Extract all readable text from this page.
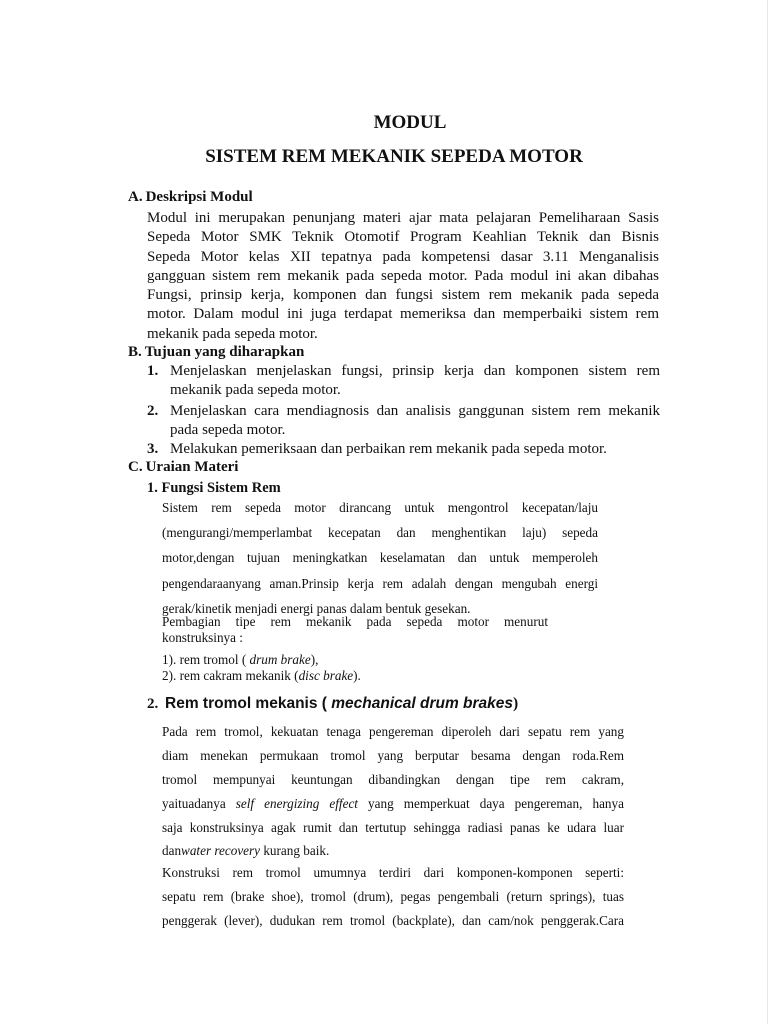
MODUL
SISTEM REM MEKANIK SEPEDA MOTOR
A. Deskripsi Modul
Modul ini merupakan penunjang materi ajar mata pelajaran Pemeliharaan Sasis
Sepeda Motor SMK Teknik Otomotif Program Keahlian Teknik dan Bisnis
Sepeda Motor kelas XII tepatnya pada kompetensi dasar 3.11 Menganalisis
gangguan sistem rem mekanik pada sepeda motor. Pada modul ini akan dibahas
Fungsi, prinsip kerja, komponen dan fungsi sistem rem mekanik pada sepeda
motor. Dalam modul ini juga terdapat memeriksa dan memperbaiki sistem rem
mekanik pada sepeda motor.
B. Tujuan yang diharapkan
1. Menjelaskan menjelaskan fungsi, prinsip kerja dan komponen sistem rem
mekanik pada sepeda motor.
2. Menjelaskan cara mendiagnosis dan analisis ganggunan sistem rem mekanik
pada sepeda motor.
3. Melakukan pemeriksaan dan perbaikan rem mekanik pada sepeda motor.
C. Uraian Materi
1. Fungsi Sistem Rem
Sistem rem sepeda motor dirancang untuk mengontrol kecepatan/laju
(mengurangi/memperlambat kecepatan dan menghentikan laju) sepeda
motor,dengan tujuan meningkatkan keselamatan dan untuk memperoleh
pengendaraanyang aman.Prinsip kerja rem adalah dengan mengubah energi
gerak/kinetik menjadi energi panas dalam bentuk gesekan.
Pembagian tipe rem mekanik pada sepeda motor menurut
konstruksinya :
1). rem tromol ( drum brake),
2). rem cakram mekanik (disc brake).
2. Rem tromol mekanis ( mechanical drum brakes)
Pada rem tromol, kekuatan tenaga pengereman diperoleh dari sepatu rem yang
diam menekan permukaan tromol yang berputar besama dengan roda.Rem
tromol mempunyai keuntungan dibandingkan dengan tipe rem cakram,
yaituadanya self energizing effect yang memperkuat daya pengereman, hanya
saja konstruksinya agak rumit dan tertutup sehingga radiasi panas ke udara luar
danwater recovery kurang baik.
Konstruksi rem tromol umumnya terdiri dari komponen-komponen seperti:
sepatu rem (brake shoe), tromol (drum), pegas pengembali (return springs), tuas
penggerak (lever), dudukan rem tromol (backplate), dan cam/nok penggerak.Cara
